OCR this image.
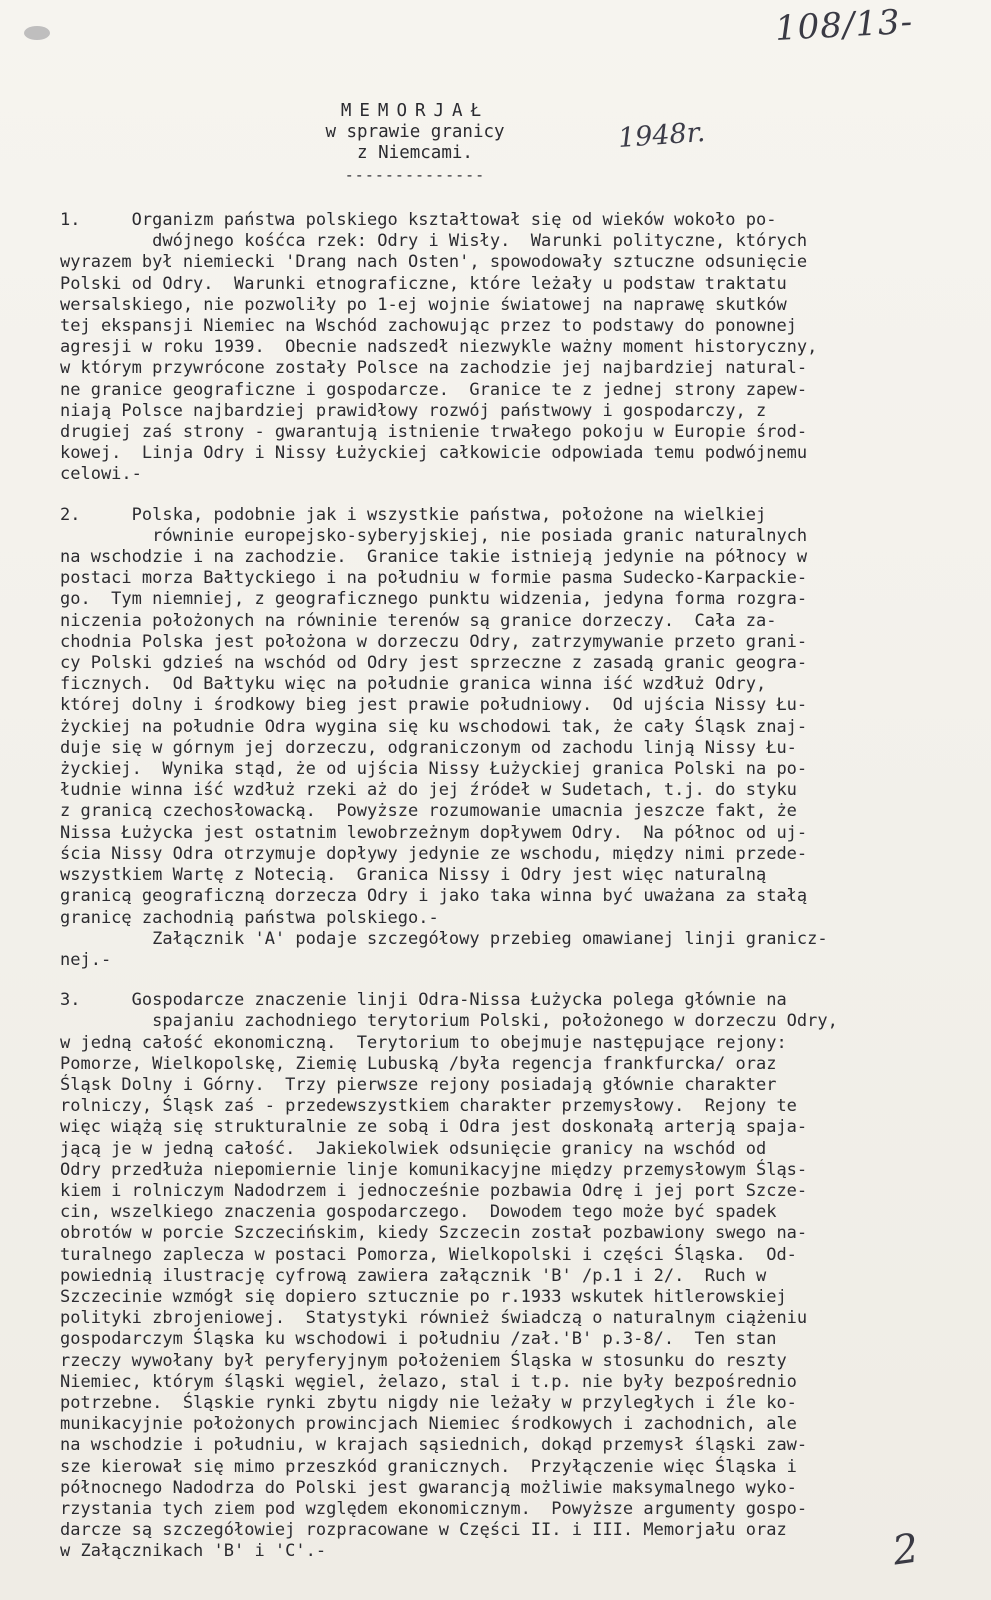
108/13-
1948r.
MEMORJAŁ
w sprawie granicy
z Niemcami.
--------------
1.     Organizm państwa polskiego kształtował się od wieków wokoło po-
dwójnego kośćca rzek: Odry i Wisły.  Warunki polityczne, których
wyrazem był niemiecki 'Drang nach Osten', spowodowały sztuczne odsunięcie
Polski od Odry.  Warunki etnograficzne, które leżały u podstaw traktatu
wersalskiego, nie pozwoliły po 1-ej wojnie światowej na naprawę skutków
tej ekspansji Niemiec na Wschód zachowując przez to podstawy do ponownej
agresji w roku 1939.  Obecnie nadszedł niezwykle ważny moment historyczny,
w którym przywrócone zostały Polsce na zachodzie jej najbardziej natural-
ne granice geograficzne i gospodarcze.  Granice te z jednej strony zapew-
niają Polsce najbardziej prawidłowy rozwój państwowy i gospodarczy, z
drugiej zaś strony - gwarantują istnienie trwałego pokoju w Europie środ-
kowej.  Linja Odry i Nissy Łużyckiej całkowicie odpowiada temu podwójnemu
celowi.-
2.     Polska, podobnie jak i wszystkie państwa, położone na wielkiej
równinie europejsko-syberyjskiej, nie posiada granic naturalnych
na wschodzie i na zachodzie.  Granice takie istnieją jedynie na północy w
postaci morza Bałtyckiego i na południu w formie pasma Sudecko-Karpackie-
go.  Tym niemniej, z geograficznego punktu widzenia, jedyna forma rozgra-
niczenia położonych na równinie terenów są granice dorzeczy.  Cała za-
chodnia Polska jest położona w dorzeczu Odry, zatrzymywanie przeto grani-
cy Polski gdzieś na wschód od Odry jest sprzeczne z zasadą granic geogra-
ficznych.  Od Bałtyku więc na południe granica winna iść wzdłuż Odry,
której dolny i środkowy bieg jest prawie południowy.  Od ujścia Nissy Łu-
życkiej na południe Odra wygina się ku wschodowi tak, że cały Śląsk znaj-
duje się w górnym jej dorzeczu, odgraniczonym od zachodu linją Nissy Łu-
życkiej.  Wynika stąd, że od ujścia Nissy Łużyckiej granica Polski na po-
łudnie winna iść wzdłuż rzeki aż do jej źródeł w Sudetach, t.j. do styku
z granicą czechosłowacką.  Powyższe rozumowanie umacnia jeszcze fakt, że
Nissa Łużycka jest ostatnim lewobrzeżnym dopływem Odry.  Na północ od uj-
ścia Nissy Odra otrzymuje dopływy jedynie ze wschodu, między nimi przede-
wszystkiem Wartę z Notecią.  Granica Nissy i Odry jest więc naturalną
granicą geograficzną dorzecza Odry i jako taka winna być uważana za stałą
granicę zachodnią państwa polskiego.-
Załącznik 'A' podaje szczegółowy przebieg omawianej linji granicz-
nej.-
3.     Gospodarcze znaczenie linji Odra-Nissa Łużycka polega głównie na
spajaniu zachodniego terytorium Polski, położonego w dorzeczu Odry,
w jedną całość ekonomiczną.  Terytorium to obejmuje następujące rejony:
Pomorze, Wielkopolskę, Ziemię Lubuską /była regencja frankfurcka/ oraz
Śląsk Dolny i Górny.  Trzy pierwsze rejony posiadają głównie charakter
rolniczy, Śląsk zaś - przedewszystkiem charakter przemysłowy.  Rejony te
więc wiążą się strukturalnie ze sobą i Odra jest doskonałą arterją spaja-
jącą je w jedną całość.  Jakiekolwiek odsunięcie granicy na wschód od
Odry przedłuża niepomiernie linje komunikacyjne między przemysłowym Śląs-
kiem i rolniczym Nadodrzem i jednocześnie pozbawia Odrę i jej port Szcze-
cin, wszelkiego znaczenia gospodarczego.  Dowodem tego może być spadek
obrotów w porcie Szczecińskim, kiedy Szczecin został pozbawiony swego na-
turalnego zaplecza w postaci Pomorza, Wielkopolski i części Śląska.  Od-
powiednią ilustrację cyfrową zawiera załącznik 'B' /p.1 i 2/.  Ruch w
Szczecinie wzmógł się dopiero sztucznie po r.1933 wskutek hitlerowskiej
polityki zbrojeniowej.  Statystyki również świadczą o naturalnym ciążeniu
gospodarczym Śląska ku wschodowi i południu /zał.'B' p.3-8/.  Ten stan
rzeczy wywołany był peryferyjnym położeniem Śląska w stosunku do reszty
Niemiec, którym śląski węgiel, żelazo, stal i t.p. nie były bezpośrednio
potrzebne.  Śląskie rynki zbytu nigdy nie leżały w przyległych i źle ko-
munikacyjnie położonych prowincjach Niemiec środkowych i zachodnich, ale
na wschodzie i południu, w krajach sąsiednich, dokąd przemysł śląski zaw-
sze kierował się mimo przeszkód granicznych.  Przyłączenie więc Śląska i
północnego Nadodrza do Polski jest gwarancją możliwie maksymalnego wyko-
rzystania tych ziem pod względem ekonomicznym.  Powyższe argumenty gospo-
darcze są szczegółowiej rozpracowane w Części II. i III. Memorjału oraz
w Załącznikach 'B' i 'C'.-	2
